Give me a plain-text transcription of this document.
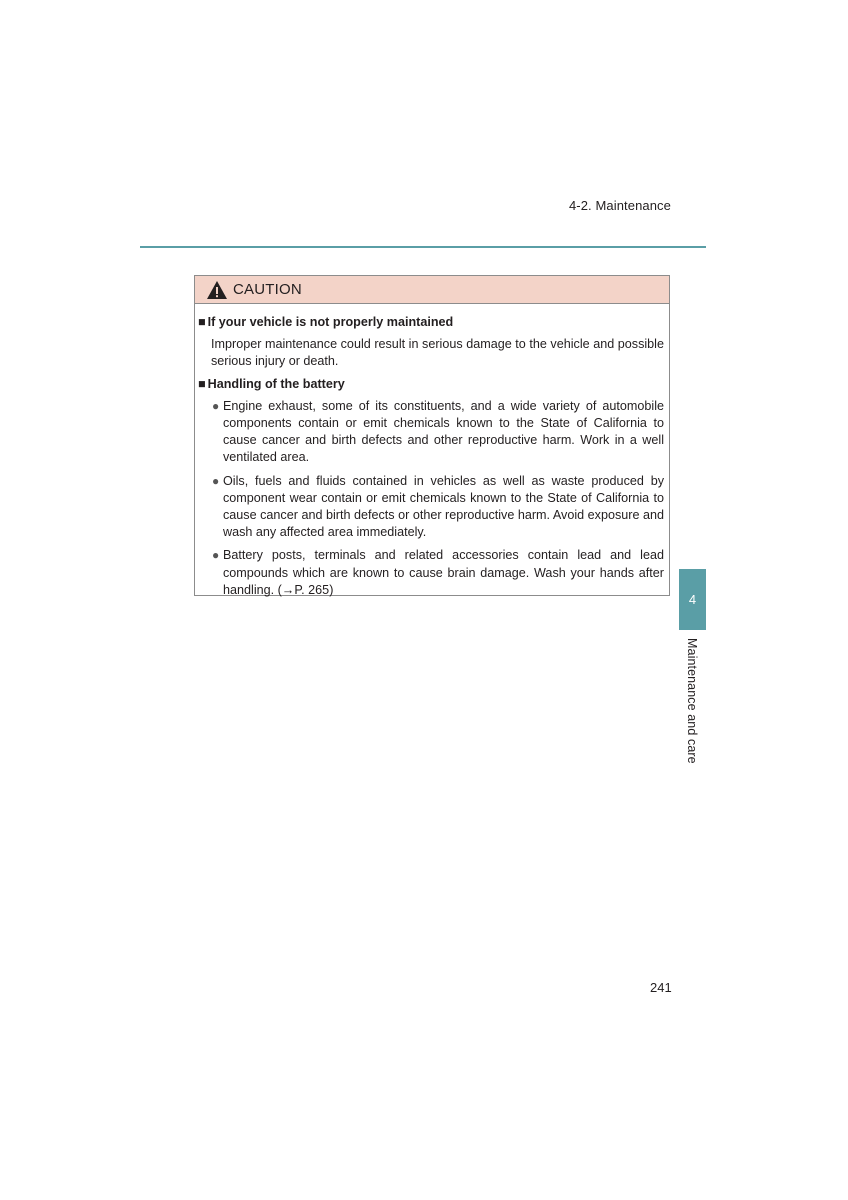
4-2. Maintenance
CAUTION
■ If your vehicle is not properly maintained
Improper maintenance could result in serious damage to the vehicle and possible serious injury or death.
■ Handling of the battery
● Engine exhaust, some of its constituents, and a wide variety of automobile components contain or emit chemicals known to the State of California to cause cancer and birth defects and other reproductive harm. Work in a well ventilated area.
● Oils, fuels and fluids contained in vehicles as well as waste produced by component wear contain or emit chemicals known to the State of California to cause cancer and birth defects or other reproductive harm. Avoid exposure and wash any affected area immediately.
● Battery posts, terminals and related accessories contain lead and lead compounds which are known to cause brain damage. Wash your hands after handling. (→P. 265)
4
Maintenance and care
241
